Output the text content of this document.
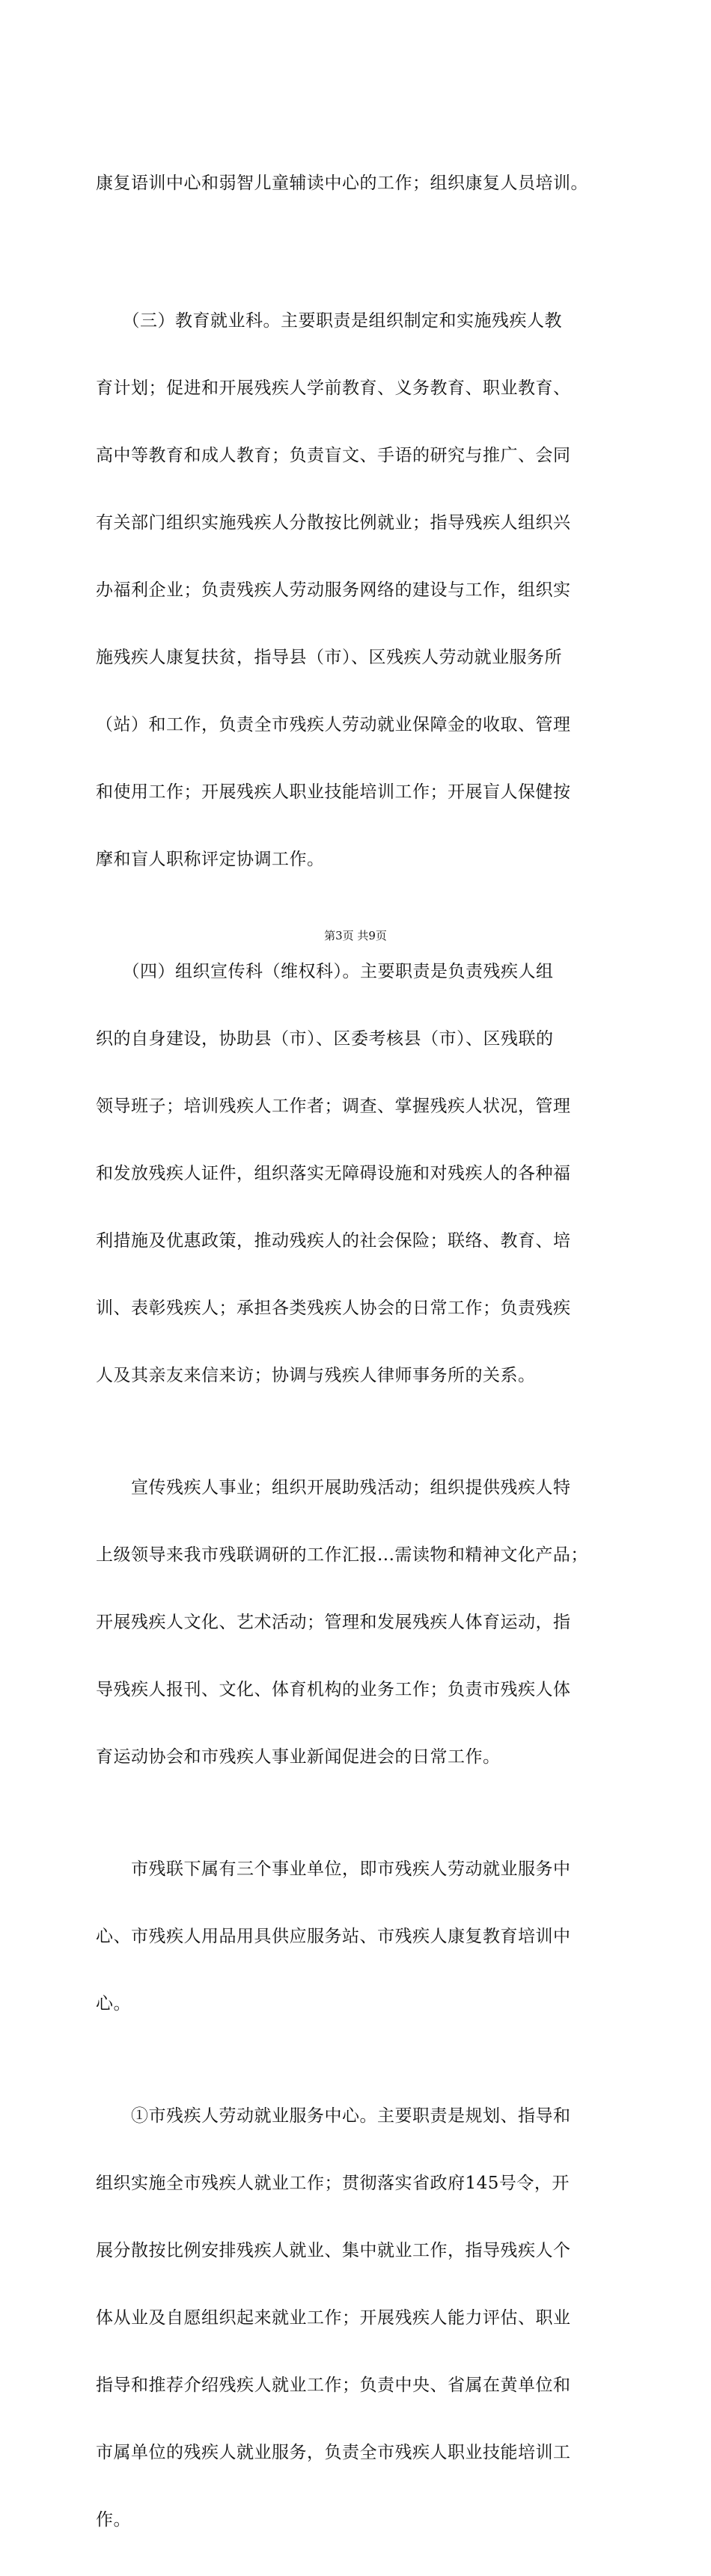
康复语训中心和弱智儿童辅读中心的工作；组织康复人员培训。

　　（三）教育就业科。主要职责是组织制定和实施残疾人教

育计划；促进和开展残疾人学前教育、义务教育、职业教育、

高中等教育和成人教育；负责盲文、手语的研究与推广、会同

有关部门组织实施残疾人分散按比例就业；指导残疾人组织兴

办福利企业；负责残疾人劳动服务网络的建设与工作，组织实

施残疾人康复扶贫，指导县（市）、区残疾人劳动就业服务所

（站）和工作，负责全市残疾人劳动就业保障金的收取、管理

和使用工作；开展残疾人职业技能培训工作；开展盲人保健按

摩和盲人职称评定协调工作。

　　（四）组织宣传科（维权科）。主要职责是负责残疾人组

织的自身建设，协助县（市）、区委考核县（市）、区残联的

领导班子；培训残疾人工作者；调查、掌握残疾人状况，管理

和发放残疾人证件，组织落实无障碍设施和对残疾人的各种福

利措施及优惠政策，推动残疾人的社会保险；联络、教育、培

训、表彰残疾人；承担各类残疾人协会的日常工作；负责残疾

人及其亲友来信来访；协调与残疾人律师事务所的关系。

　　宣传残疾人事业；组织开展助残活动；组织提供残疾人特

上级领导来我市残联调研的工作汇报...需读物和精神文化产品；

开展残疾人文化、艺术活动；管理和发展残疾人体育运动，指

导残疾人报刊、文化、体育机构的业务工作；负责市残疾人体

育运动协会和市残疾人事业新闻促进会的日常工作。

　　市残联下属有三个事业单位，即市残疾人劳动就业服务中

心、市残疾人用品用具供应服务站、市残疾人康复教育培训中

心。

　　①市残疾人劳动就业服务中心。主要职责是规划、指导和

组织实施全市残疾人就业工作；贯彻落实省政府145号令，开

展分散按比例安排残疾人就业、集中就业工作，指导残疾人个

体从业及自愿组织起来就业工作；开展残疾人能力评估、职业

指导和推荐介绍残疾人就业工作；负责中央、省属在黄单位和

市属单位的残疾人就业服务，负责全市残疾人职业技能培训工

作。

第3页 共9页
